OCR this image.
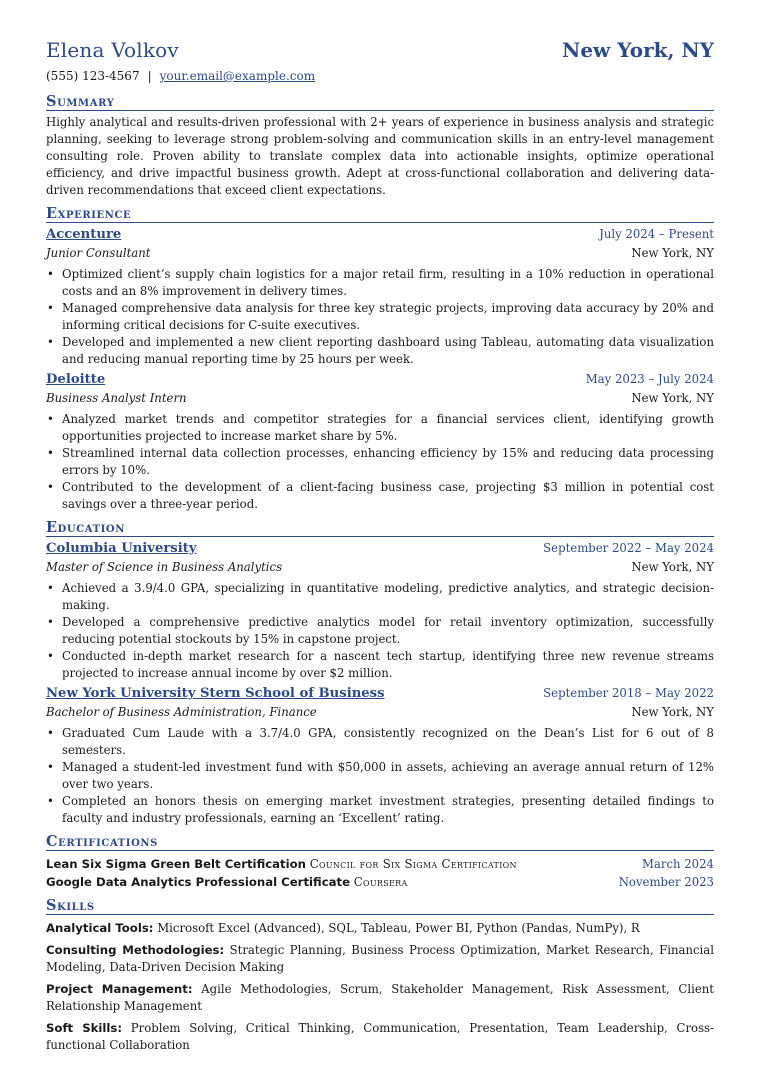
Elena Volkov	New York, NY
(555) 123-4567 | your.email@example.com
Summary
Highly analytical and results-driven professional with 2+ years of experience in business analysis and strategic planning, seeking to leverage strong problem-solving and communication skills in an entry-level management consulting role. Proven ability to translate complex data into actionable insights, optimize operational efficiency, and drive impactful business growth. Adept at cross-functional collaboration and delivering data-driven recommendations that exceed client expectations.
Experience
Accenture	July 2024 – Present
Junior Consultant	New York, NY
• Optimized client’s supply chain logistics for a major retail firm, resulting in a 10% reduction in operational costs and an 8% improvement in delivery times.
• Managed comprehensive data analysis for three key strategic projects, improving data accuracy by 20% and informing critical decisions for C-suite executives.
• Developed and implemented a new client reporting dashboard using Tableau, automating data visualization and reducing manual reporting time by 25 hours per week.
Deloitte	May 2023 – July 2024
Business Analyst Intern	New York, NY
• Analyzed market trends and competitor strategies for a financial services client, identifying growth opportunities projected to increase market share by 5%.
• Streamlined internal data collection processes, enhancing efficiency by 15% and reducing data processing errors by 10%.
• Contributed to the development of a client-facing business case, projecting $3 million in potential cost savings over a three-year period.
Education
Columbia University	September 2022 – May 2024
Master of Science in Business Analytics	New York, NY
• Achieved a 3.9/4.0 GPA, specializing in quantitative modeling, predictive analytics, and strategic decision-making.
• Developed a comprehensive predictive analytics model for retail inventory optimization, successfully reducing potential stockouts by 15% in capstone project.
• Conducted in-depth market research for a nascent tech startup, identifying three new revenue streams projected to increase annual income by over $2 million.
New York University Stern School of Business	September 2018 – May 2022
Bachelor of Business Administration, Finance	New York, NY
• Graduated Cum Laude with a 3.7/4.0 GPA, consistently recognized on the Dean’s List for 6 out of 8 semesters.
• Managed a student-led investment fund with $50,000 in assets, achieving an average annual return of 12% over two years.
• Completed an honors thesis on emerging market investment strategies, presenting detailed findings to faculty and industry professionals, earning an ‘Excellent’ rating.
Certifications
Lean Six Sigma Green Belt Certification Council for Six Sigma Certification	March 2024
Google Data Analytics Professional Certificate Coursera	November 2023
Skills
Analytical Tools: Microsoft Excel (Advanced), SQL, Tableau, Power BI, Python (Pandas, NumPy), R
Consulting Methodologies: Strategic Planning, Business Process Optimization, Market Research, Financial Modeling, Data-Driven Decision Making
Project Management: Agile Methodologies, Scrum, Stakeholder Management, Risk Assessment, Client Relationship Management
Soft Skills: Problem Solving, Critical Thinking, Communication, Presentation, Team Leadership, Cross-functional Collaboration
